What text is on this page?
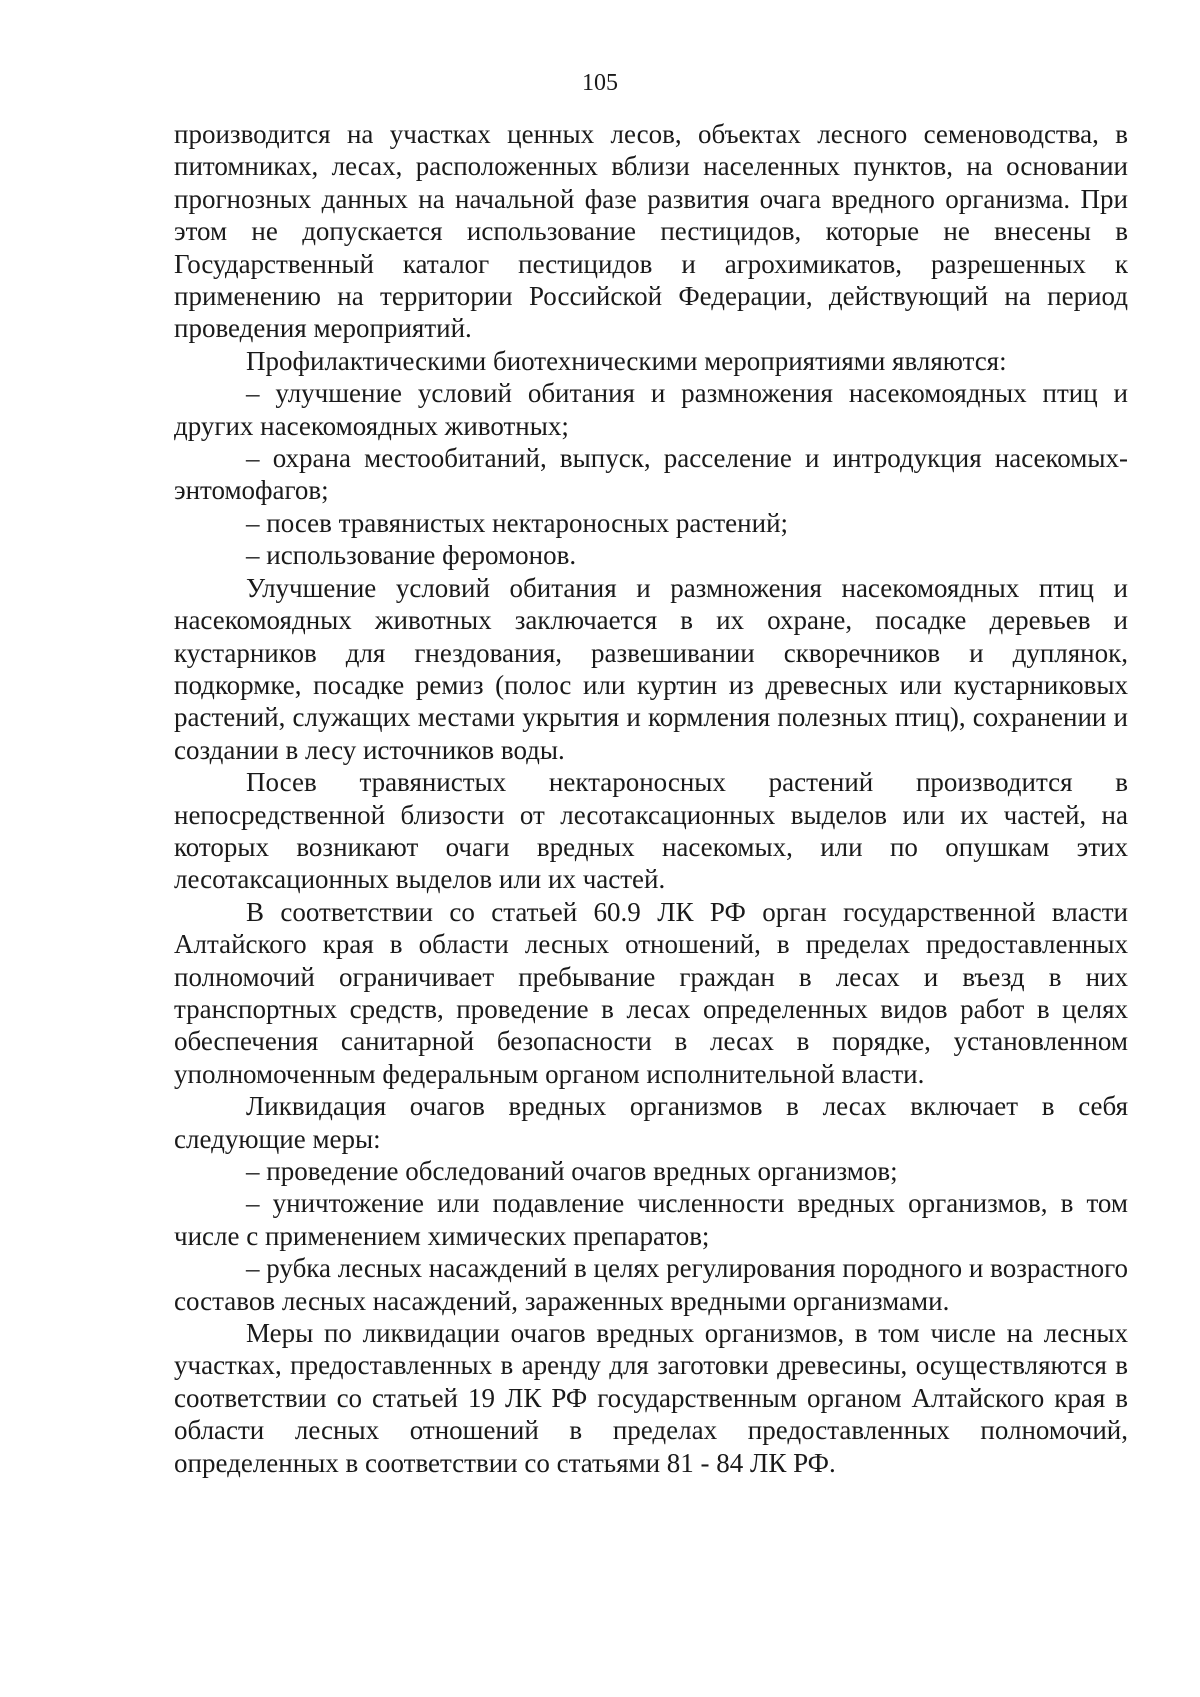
105

производится на участках ценных лесов, объектах лесного семеноводства, в питомниках, лесах, расположенных вблизи населенных пунктов, на основании прогнозных данных на начальной фазе развития очага вредного организма. При этом не допускается использование пестицидов, которые не внесены в Государственный каталог пестицидов и агрохимикатов, разрешенных к применению на территории Российской Федерации, действующий на период проведения мероприятий.

Профилактическими биотехническими мероприятиями являются:

– улучшение условий обитания и размножения насекомоядных птиц и других насекомоядных животных;

– охрана местообитаний, выпуск, расселение и интродукция насекомых-энтомофагов;

– посев травянистых нектароносных растений;

– использование феромонов.

Улучшение условий обитания и размножения насекомоядных птиц и насекомоядных животных заключается в их охране, посадке деревьев и кустарников для гнездования, развешивании скворечников и дуплянок, подкормке, посадке ремиз (полос или куртин из древесных или кустарниковых растений, служащих местами укрытия и кормления полезных птиц), сохранении и создании в лесу источников воды.

Посев травянистых нектароносных растений производится в непосредственной близости от лесотаксационных выделов или их частей, на которых возникают очаги вредных насекомых, или по опушкам этих лесотаксационных выделов или их частей.

В соответствии со статьей 60.9 ЛК РФ орган государственной власти Алтайского края в области лесных отношений, в пределах предоставленных полномочий ограничивает пребывание граждан в лесах и въезд в них транспортных средств, проведение в лесах определенных видов работ в целях обеспечения санитарной безопасности в лесах в порядке, установленном уполномоченным федеральным органом исполнительной власти.

Ликвидация очагов вредных организмов в лесах включает в себя следующие меры:

– проведение обследований очагов вредных организмов;

– уничтожение или подавление численности вредных организмов, в том числе с применением химических препаратов;

– рубка лесных насаждений в целях регулирования породного и возрастного составов лесных насаждений, зараженных вредными организмами.

Меры по ликвидации очагов вредных организмов, в том числе на лесных участках, предоставленных в аренду для заготовки древесины, осуществляются в соответствии со статьей 19 ЛК РФ государственным органом Алтайского края в области лесных отношений в пределах предоставленных полномочий, определенных в соответствии со статьями 81 - 84 ЛК РФ.
